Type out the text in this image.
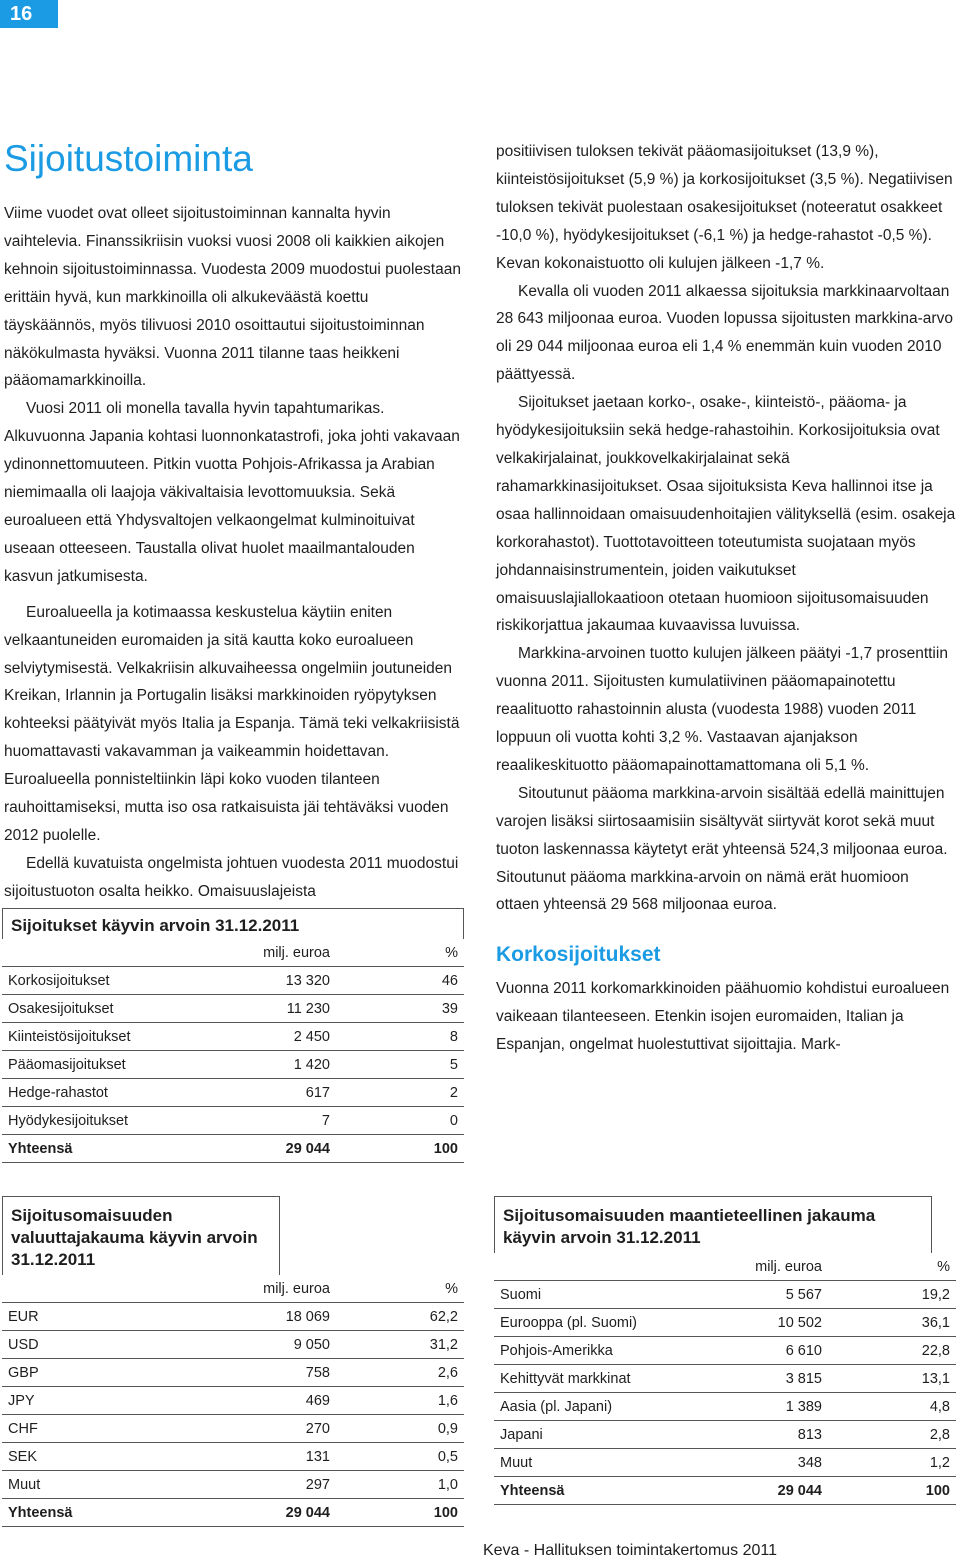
16
Sijoitustoiminta

Viime vuodet ovat olleet sijoitustoiminnan kannalta hyvin vaihtelevia. Finanssikriisin vuoksi vuosi 2008 oli kaikkien aikojen kehnoin sijoitustoiminnassa. Vuodesta 2009 muodostui puolestaan erittäin hyvä, kun markkinoilla oli alkukeväästä koettu täyskäännös, myös tilivuosi 2010 osoittautui sijoitustoiminnan näkökulmasta hyväksi. Vuonna 2011 tilanne taas heikkeni pääomamarkkinoilla.

Vuosi 2011 oli monella tavalla hyvin tapahtumarikas. Alkuvuonna Japania kohtasi luonnonkatastrofi, joka johti vakavaan ydinonnettomuuteen. Pitkin vuotta Pohjois-Afrikassa ja Arabian niemimaalla oli laajoja väkivaltaisia levottomuuksia. Sekä euroalueen että Yhdysvaltojen velkaongelmat kulminoituivat useaan otteeseen. Taustalla olivat huolet maailmantalouden kasvun jatkumisesta.

Euroalueella ja kotimaassa keskustelua käytiin eniten velkaantuneiden euromaiden ja sitä kautta koko euroalueen selviytymisestä. Velkakriisin alkuvaiheessa ongelmiin joutuneiden Kreikan, Irlannin ja Portugalin lisäksi markkinoiden ryöpytyksen kohteeksi päätyivät myös Italia ja Espanja. Tämä teki velkakriisistä huomattavasti vakavamman ja vaikeammin hoidettavan. Euroalueella ponnisteltiinkin läpi koko vuoden tilanteen rauhoittamiseksi, mutta iso osa ratkaisuista jäi tehtäväksi vuoden 2012 puolelle.

Edellä kuvatuista ongelmista johtuen vuodesta 2011 muodostui sijoitustuoton osalta heikko. Omaisuuslajeista

positiivisen tuloksen tekivät pääomasijoitukset (13,9 %), kiinteistösijoitukset (5,9 %) ja korkosijoitukset (3,5 %). Negatiivisen tuloksen tekivät puolestaan osakesijoitukset (noteeratut osakkeet -10,0 %), hyödykesijoitukset (-6,1 %) ja hedge-rahastot -0,5 %). Kevan kokonaistuotto oli kulujen jälkeen -1,7 %.

Kevalla oli vuoden 2011 alkaessa sijoituksia markkinaarvoltaan 28 643 miljoonaa euroa. Vuoden lopussa sijoitusten markkina-arvo oli 29 044 miljoonaa euroa eli 1,4 % enemmän kuin vuoden 2010 päättyessä.

Sijoitukset jaetaan korko-, osake-, kiinteistö-, pääoma- ja hyödykesijoituksiin sekä hedge-rahastoihin. Korkosijoituksia ovat velkakirjalainat, joukkovelkakirjalainat sekä rahamarkkinasijoitukset. Osaa sijoituksista Keva hallinnoi itse ja osaa hallinnoidaan omaisuudenhoitajien välityksellä (esim. osakeja korkorahastot). Tuottotavoitteen toteutumista suojataan myös johdannaisinstrumentein, joiden vaikutukset omaisuuslajiallokaatioon otetaan huomioon sijoitusomaisuuden riskikorjattua jakaumaa kuvaavissa luvuissa.

Markkina-arvoinen tuotto kulujen jälkeen päätyi -1,7 prosenttiin vuonna 2011. Sijoitusten kumulatiivinen pääomapainotettu reaalituotto rahastoinnin alusta (vuodesta 1988) vuoden 2011 loppuun oli vuotta kohti 3,2 %. Vastaavan ajanjakson reaalikeskituotto pääomapainottamattomana oli 5,1 %.

Sitoutunut pääoma markkina-arvoin sisältää edellä mainittujen varojen lisäksi siirtosaamisiin sisältyvät siirtyvät korot sekä muut tuoton laskennassa käytetyt erät yhteensä 524,3 miljoonaa euroa. Sitoutunut pääoma markkina-arvoin on nämä erät huomioon ottaen yhteensä 29 568 miljoonaa euroa.

Korkosijoitukset

Vuonna 2011 korkomarkkinoiden päähuomio kohdistui euroalueen vaikeaan tilanteeseen. Etenkin isojen euromaiden, Italian ja Espanjan, ongelmat huolestuttivat sijoittajia. Mark-

Sijoitukset käyvin arvoin 31.12.2011
	milj. euroa	%
Korkosijoitukset	13 320	46
Osakesijoitukset	11 230	39
Kiinteistösijoitukset	2 450	8
Pääomasijoitukset	1 420	5
Hedge-rahastot	617	2
Hyödykesijoitukset	7	0
Yhteensä	29 044	100
Sijoitusomaisuuden valuuttajakauma käyvin arvoin 31.12.2011
	milj. euroa	%
EUR	18 069	62,2
USD	9 050	31,2
GBP	758	2,6
JPY	469	1,6
CHF	270	0,9
SEK	131	0,5
Muut	297	1,0
Yhteensä	29 044	100
Sijoitusomaisuuden maantieteellinen jakauma käyvin arvoin 31.12.2011
	milj. euroa	%
Suomi	5 567	19,2
Eurooppa (pl. Suomi)	10 502	36,1
Pohjois-Amerikka	6 610	22,8
Kehittyvät markkinat	3 815	13,1
Aasia (pl. Japani)	1 389	4,8
Japani	813	2,8
Muut	348	1,2
Yhteensä	29 044	100
Keva - Hallituksen toimintakertomus 2011
